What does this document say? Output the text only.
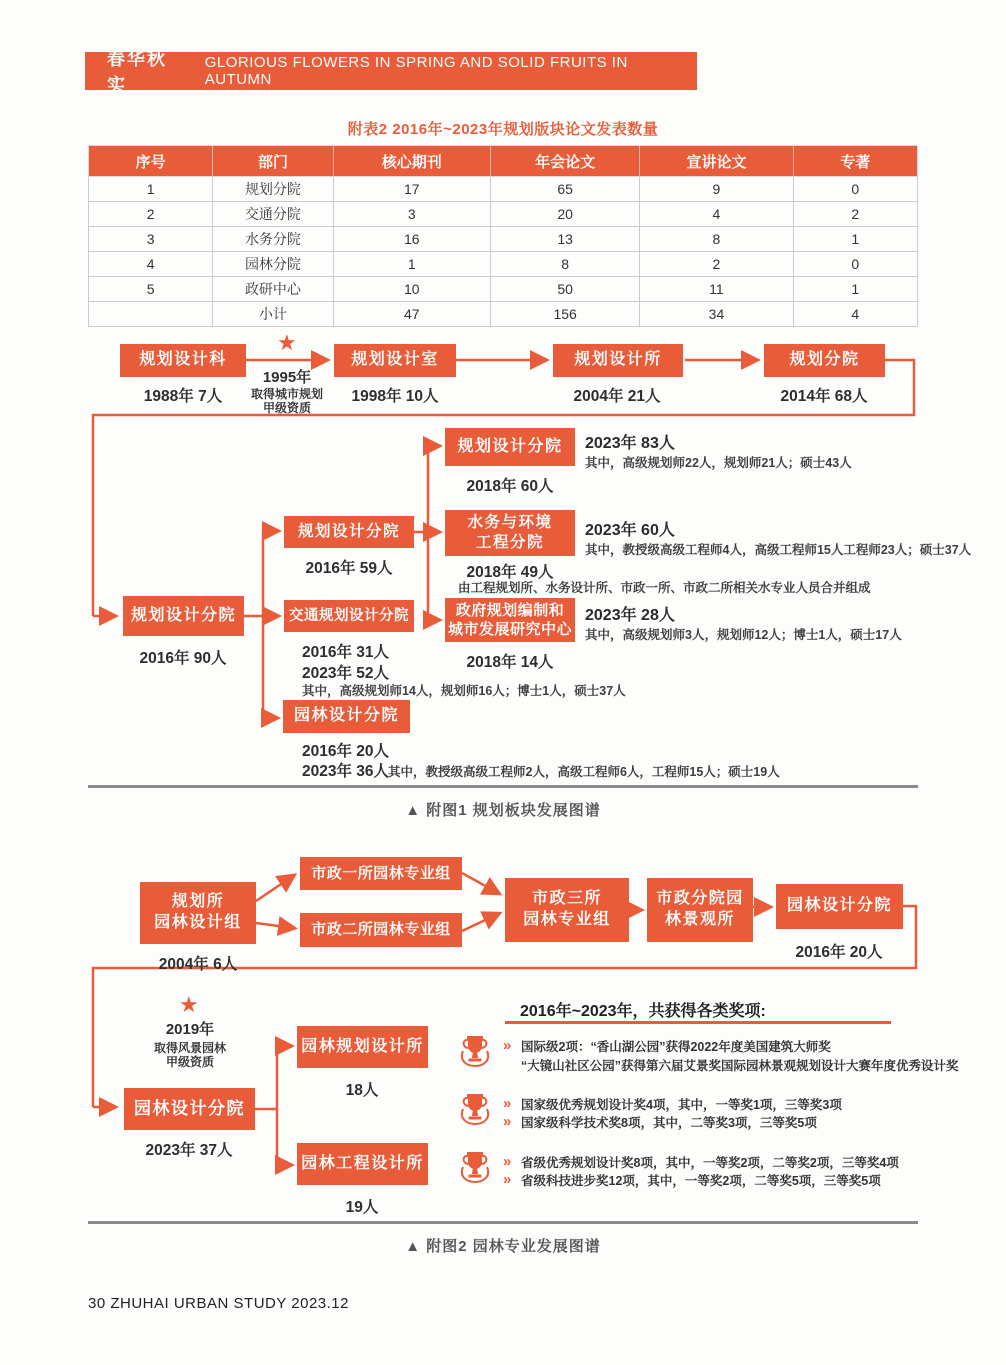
春华秋实
GLORIOUS FLOWERS IN SPRING AND SOLID FRUITS IN AUTUMN
附表2 2016年~2023年规划版块论文发表数量
序号	部门	核心期刊	年会论文	宣讲论文	专著
1	规划分院	17	65	9	0
2	交通分院	3	20	4	2
3	水务分院	16	13	8	1
4	园林分院	1	8	2	0
5	政研中心	10	50	11	1
	小计	47	156	34	4
规划设计科	规划设计室	规划设计所	规划分院
★
1995年
取得城市规划
甲级资质
1988年 7人	1998年 10人	2004年 21人	2014年 68人
规划设计分院
2016年 90人
规划设计分院
2016年 59人
交通规划设计分院
2016年 31人
2023年 52人
其中，高级规划师14人，规划师16人；博士1人，硕士37人
园林设计分院
2016年 20人
2023年 36人
其中，教授级高级工程师2人，高级工程师6人，工程师15人；硕士19人
规划设计分院
2018年 60人
2023年 83人
其中，高级规划师22人，规划师21人；硕士43人
水务与环境
工程分院
2018年 49人
由工程规划所、水务设计所、市政一所、市政二所相关水专业人员合并组成
2023年 60人
其中，教授级高级工程师4人，高级工程师15人工程师23人；硕士37人
政府规划编制和
城市发展研究中心
2018年 14人
2023年 28人
其中，高级规划师3人，规划师12人；博士1人，硕士17人
▲ 附图1 规划板块发展图谱
规划所
园林设计组
2004年 6人
市政一所园林专业组
市政二所园林专业组
市政三所
园林专业组
市政分院园
林景观所
园林设计分院
2016年 20人
★
2019年
取得风景园林
甲级资质
园林设计分院
2023年 37人
园林规划设计所
18人
园林工程设计所
19人
2016年~2023年，共获得各类奖项:
» 国际级2项：“香山湖公园”获得2022年度美国建筑大师奖
“大镜山社区公园”获得第六届艾景奖国际园林景观规划设计大赛年度优秀设计奖
» 国家级优秀规划设计奖4项，其中，一等奖1项，三等奖3项
» 国家级科学技术奖8项，其中，二等奖3项，三等奖5项
» 省级优秀规划设计奖8项，其中，一等奖2项，二等奖2项，三等奖4项
» 省级科技进步奖12项，其中，一等奖2项，二等奖5项，三等奖5项
▲ 附图2 园林专业发展图谱
30 ZHUHAI URBAN STUDY 2023.12
